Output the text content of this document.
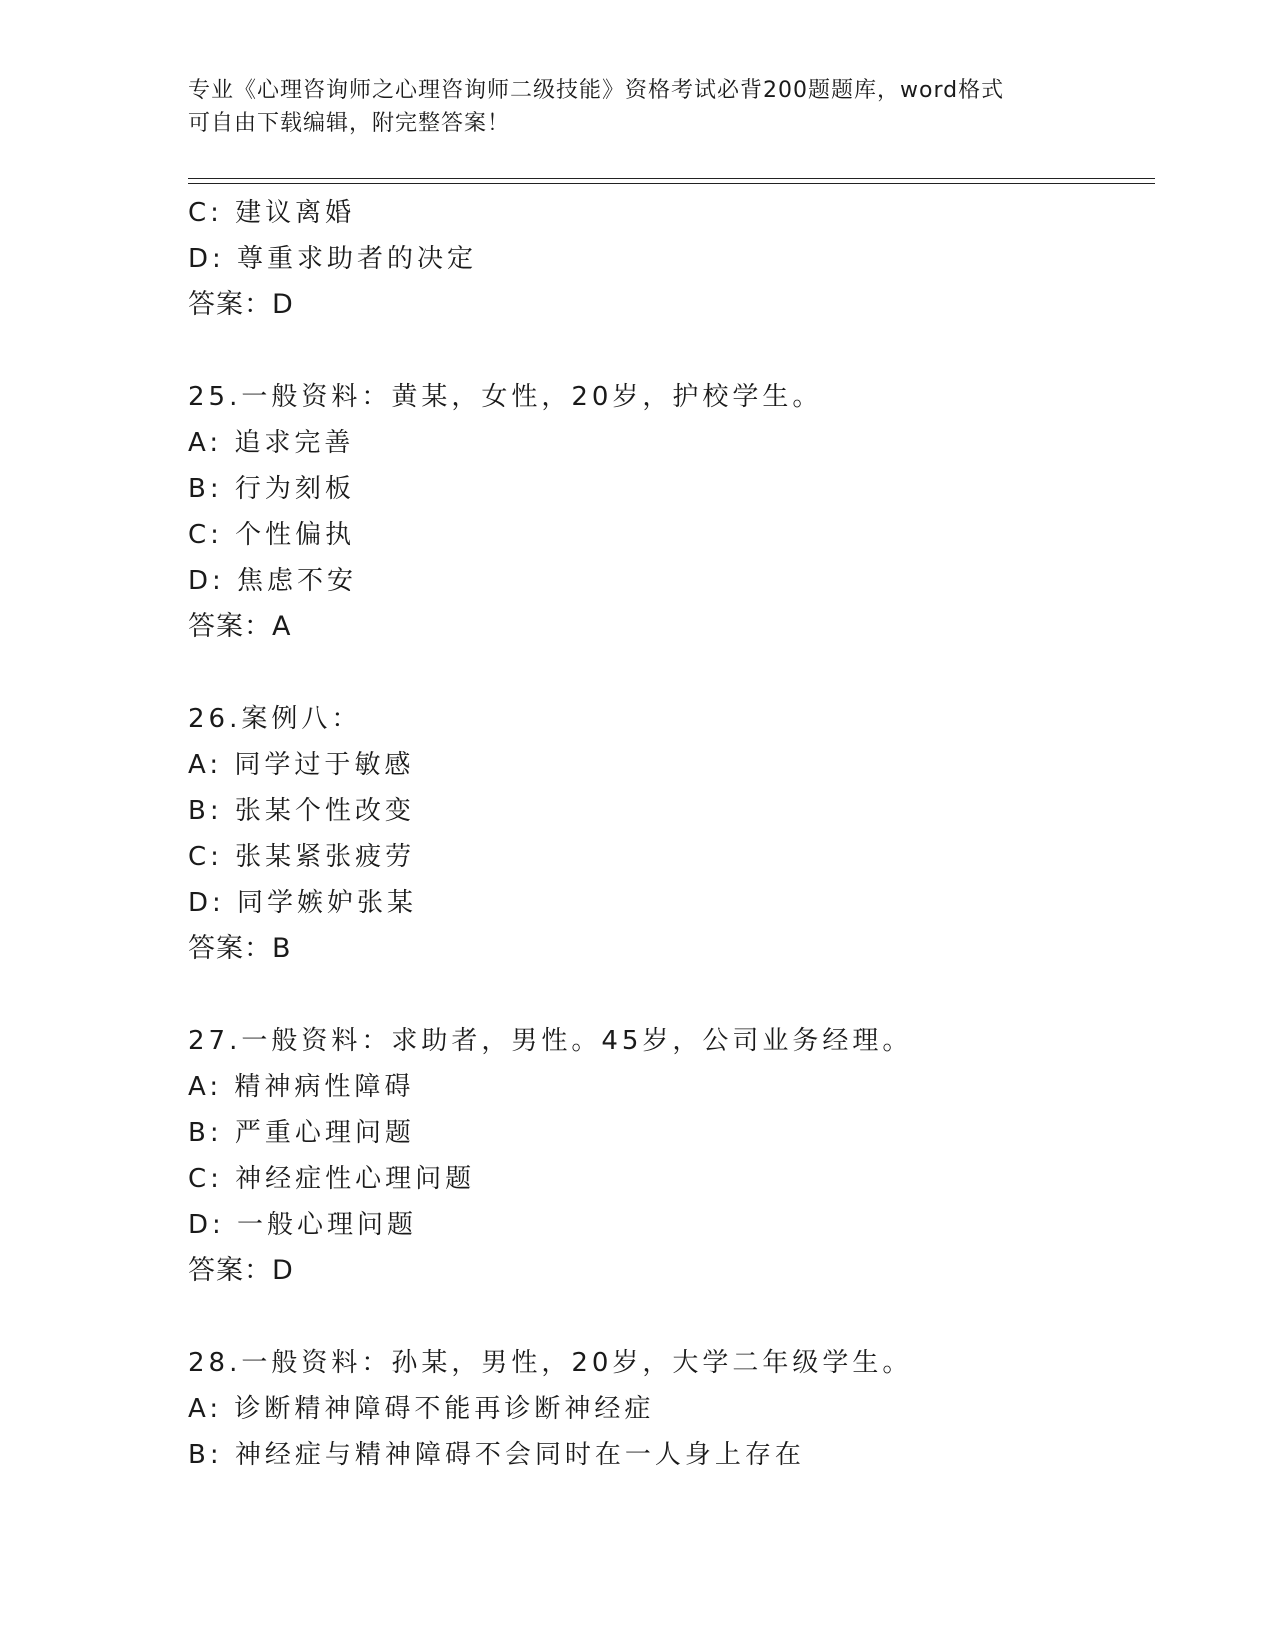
专业《心理咨询师之心理咨询师二级技能》资格考试必背200题题库，word格式
可自由下载编辑，附完整答案！
C: 建议离婚
D: 尊重求助者的决定
答案：D
25.一般资料：黄某，女性，20岁，护校学生。
A: 追求完善
B: 行为刻板
C: 个性偏执
D: 焦虑不安
答案：A
26.案例八：
A: 同学过于敏感
B: 张某个性改变
C: 张某紧张疲劳
D: 同学嫉妒张某
答案：B
27.一般资料：求助者，男性。45岁，公司业务经理。
A: 精神病性障碍
B: 严重心理问题
C: 神经症性心理问题
D: 一般心理问题
答案：D
28.一般资料：孙某，男性，20岁，大学二年级学生。
A: 诊断精神障碍不能再诊断神经症
B: 神经症与精神障碍不会同时在一人身上存在
